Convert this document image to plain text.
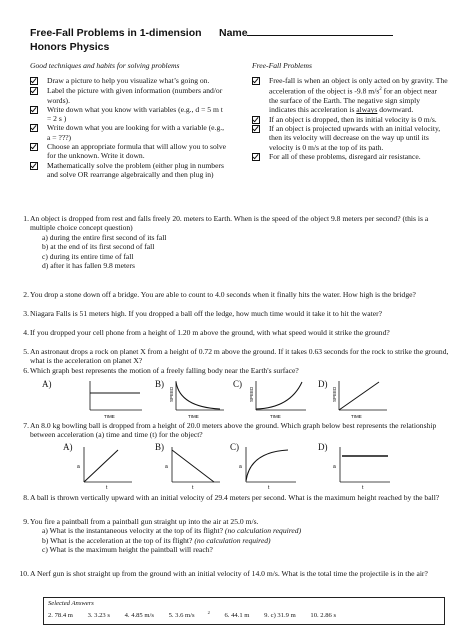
Free-Fall Problems in 1-dimension
Honors Physics
Name
Good techniques and habits for solving problems
Draw a picture to help you visualize what’s going on.
Label the picture with given information (numbers and/or words).
Write down what you know with variables (e.g., d = 5 m t = 2 s )
Write down what you are looking for with a variable (e.g., a = ???)
Choose an appropriate formula that will allow you to solve for the unknown. Write it down.
Mathematically solve the problem (either plug in numbers and solve OR rearrange algebraically and then plug in)
Free-Fall Problems
Free-fall is when an object is only acted on by gravity. The acceleration of the object is -9.8 $m/s^2$ for an object near the surface of the Earth. The negative sign simply indicates this acceleration is always downward.
If an object is dropped, then its initial velocity is 0 m/s.
If an object is projected upwards with an initial velocity, then its velocity will decrease on the way up until its velocity is 0 m/s at the top of its path.
For all of these problems, disregard air resistance.
1. An object is dropped from rest and falls freely 20. meters to Earth. When is the speed of the object 9.8 meters per second? (this is a multiple choice concept question)
a) during the entire first second of its fall
b) at the end of its first second of fall
c) during its entire time of fall
d) after it has fallen 9.8 meters
2. You drop a stone down off a bridge. You are able to count to 4.0 seconds when it finally hits the water. How high is the bridge?
3. Niagara Falls is 51 meters high. If you dropped a ball off the ledge, how much time would it take it to hit the water?
4. If you dropped your cell phone from a height of 1.20 m above the ground, with what speed would it strike the ground?
5. An astronaut drops a rock on planet X from a height of 0.72 m above the ground. If it takes 0.63 seconds for the rock to strike the ground, what is the acceleration on planet X?
6. Which graph best represents the motion of a freely falling body near the Earth's surface?
A)	B)	C)	D)
TIME
SPEED
TIME
SPEED
TIME
SPEED
TIME
7. An 8.0 kg bowling ball is dropped from a height of 20.0 meters above the ground. Which graph below best represents the relationship between acceleration (a) time and time (t) for the object?
A)	B)	C)	D)
a
t
a
t
a
t
a
t
8. A ball is thrown vertically upward with an initial velocity of 29.4 meters per second. What is the maximum height reached by the ball?
9. You fire a paintball from a paintball gun straight up into the air at 25.0 m/s.
a) What is the instantaneous velocity at the top of its flight? (no calculation required)
b) What is the acceleration at the top of its flight? (no calculation required)
c) What is the maximum height the paintball will reach?
10. A Nerf gun is shot straight up from the ground with an initial velocity of 14.0 m/s. What is the total time the projectile is in the air?
Selected Answers
2. 78.4 m 3. 3.23 s 4. 4.85 m/s 5. 3.6 m/s	$^2$ 6. 44.1 m 9. c) 31.9 m 10. 2.86 s
